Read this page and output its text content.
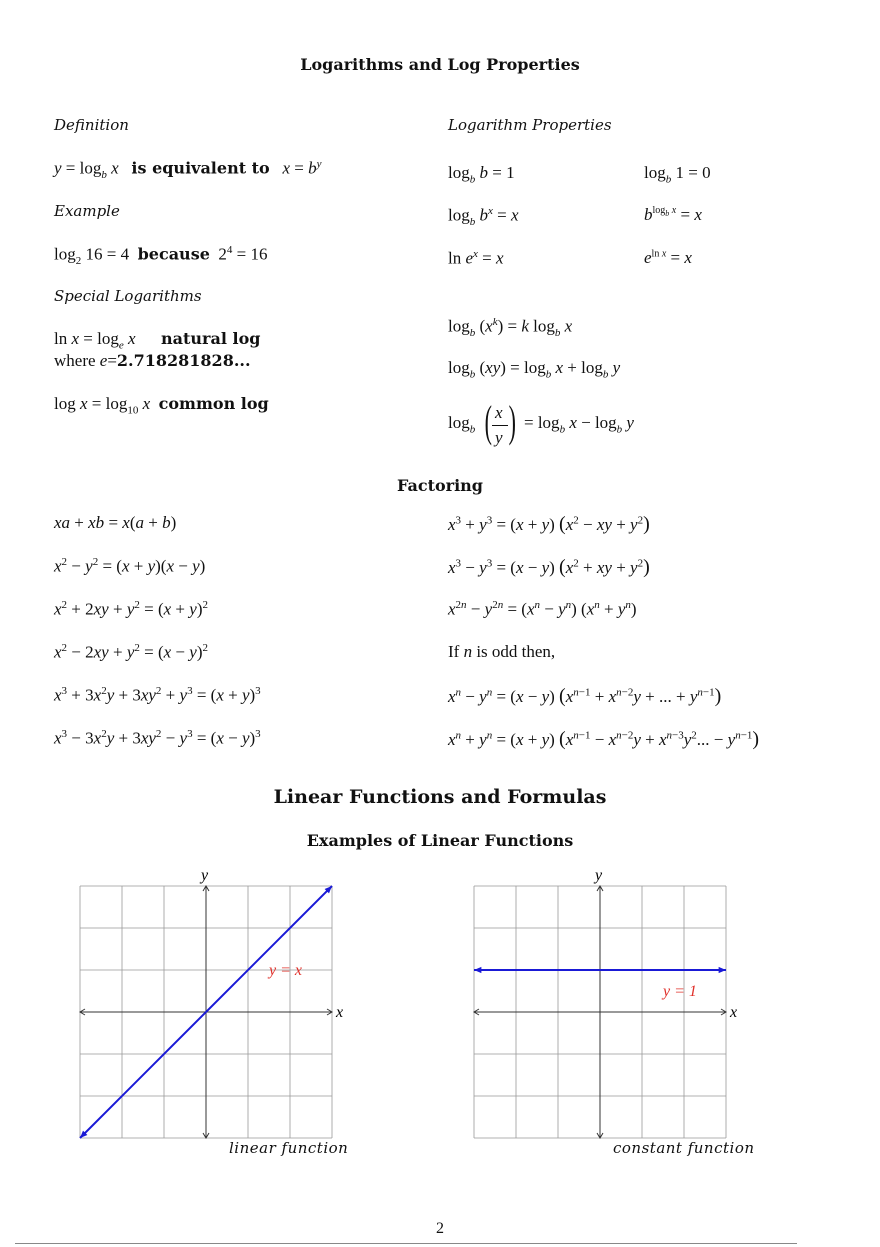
Logarithms and Log Properties
Definition
$y = \log_b x$ is equivalent to $x = b^y$
Example
$\log_2 16 = 4$  because  $2^4 = 16$
Special Logarithms
$\ln x = \log_e x$ natural log
where e=2.718281828...
$\log x = \log_{10} x$ common log
Logarithm Properties
$\log_b b = 1$	$\log_b 1 = 0$
$\log_b b^x = x$	$b^{log_b x} = x$
$\ln e^x = x$	$e^{ln x} = x$
$\log_b (x^k) = k$ $\log_b x$
$\log_b (xy) = \log_b x + \log_b y$
$\log_b$ ( x
y ) = $\log_b x - \log_b y$
Factoring
xa + xb = x(a + b)
$x^2 - y^2 = (x + y)(x - y)$
$x^2 + 2xy + y^2 = (x + y)^2$
$x^2 - 2xy + y^2 = (x - y)^2$
$x^3 + 3x^2y + 3xy^2 + y^3 = (x + y)^3$
$x^3 - 3x^2y + 3xy^2 - y^3 = (x - y)^3$
$x^3 + y^3 = (x + y) (x^2$ − xy + $y^2$)
$x^3 - y^3 = (x - y) (x^2$ + xy + $y^2$)
$x^{2n} - y^{2n} = (x^n - y^n) (x^n + y^n)$
If n is odd then,
$x^n - y^n = (x - y) (x^{n-1} + x^{n-2}y$ + ... + $y^{n-1}$)
$x^n + y^n = (x + y) (x^{n-1} - x^{n-2}y + x^{n-3}y^2$... − $y^{n-1}$)
Linear Functions and Formulas
Examples of Linear Functions
y = x
x
y
linear function
y = 1
x
y
constant function
2
